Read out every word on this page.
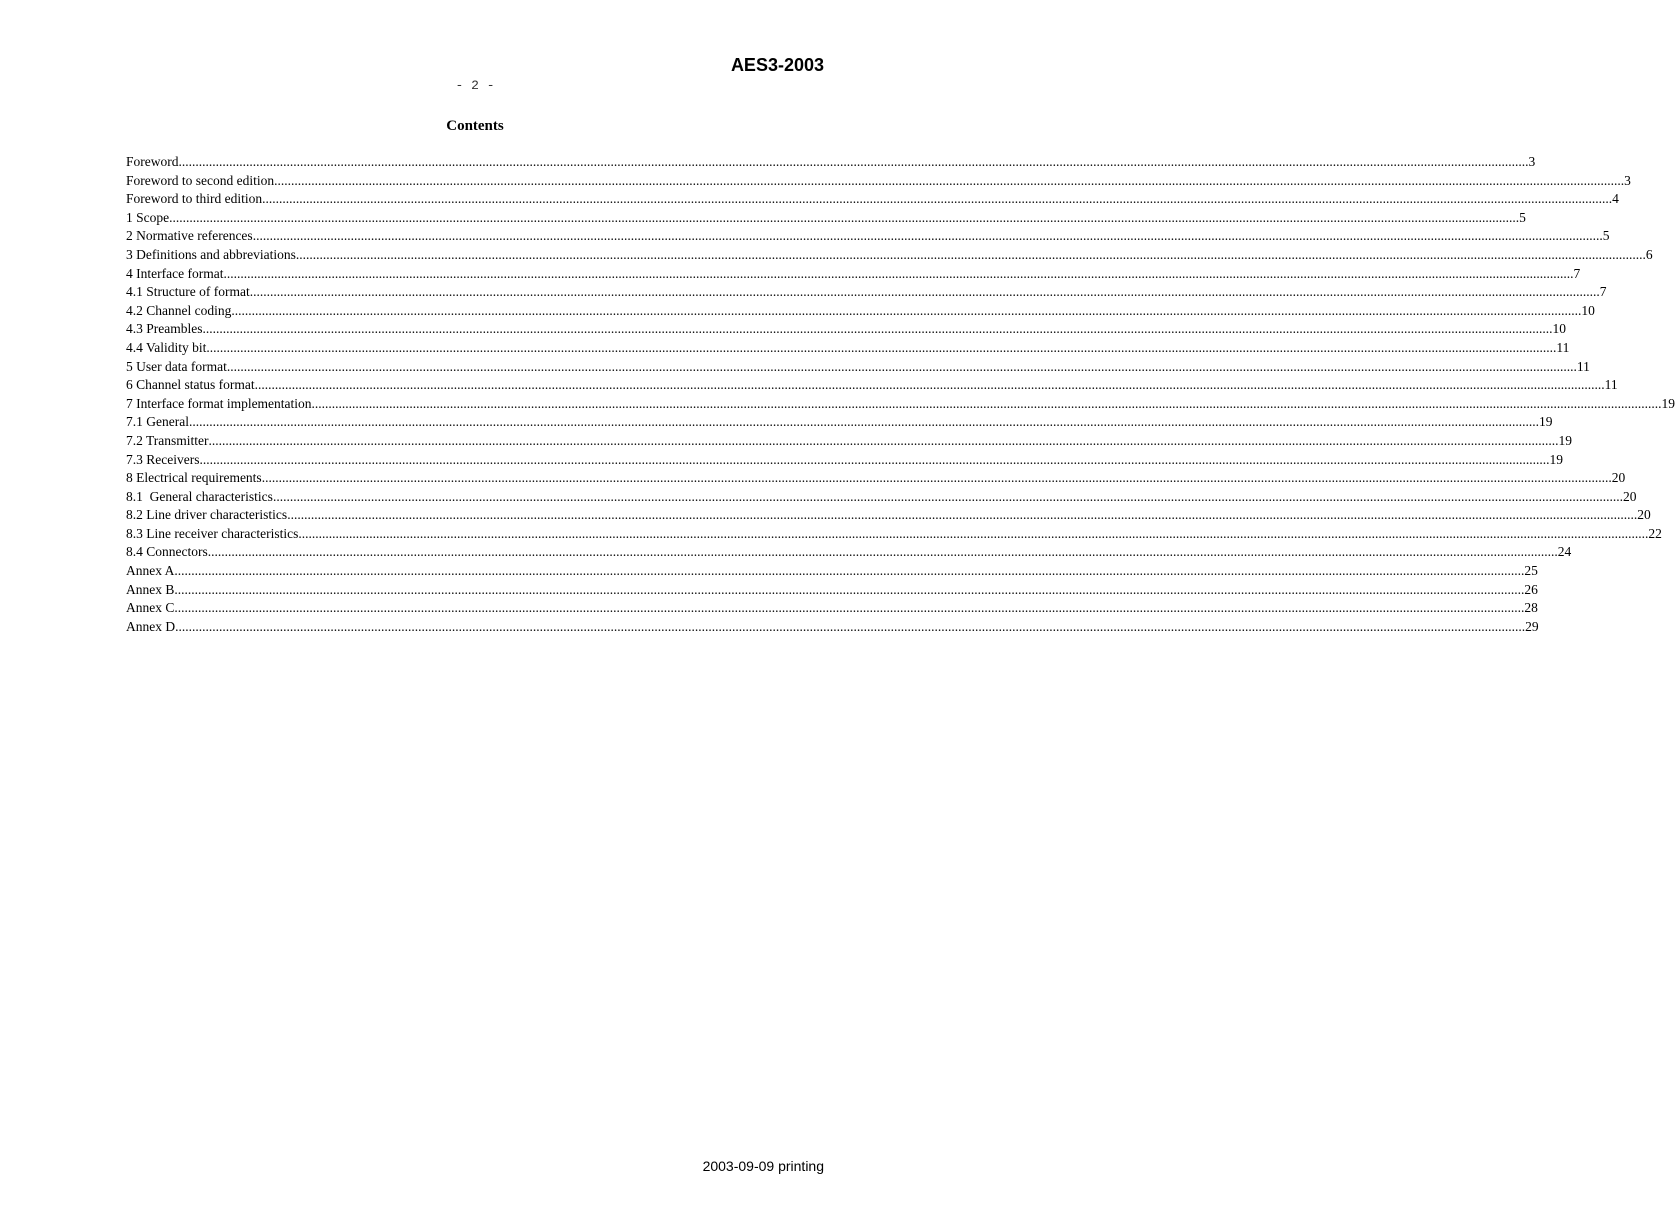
AES3-2003
- 2 -
Contents
Foreword ................................................................................................................................................................................................................................................................................................................................................................................................................ 3
Foreword to second edition ................................................................................................................................................................................................................................................................................................................................................................................................................ 3
Foreword to third edition ................................................................................................................................................................................................................................................................................................................................................................................................................ 4
1 Scope ................................................................................................................................................................................................................................................................................................................................................................................................................ 5
2 Normative references ................................................................................................................................................................................................................................................................................................................................................................................................................ 5
3 Definitions and abbreviations ................................................................................................................................................................................................................................................................................................................................................................................................................ 6
4 Interface format ................................................................................................................................................................................................................................................................................................................................................................................................................ 7
4.1 Structure of format ................................................................................................................................................................................................................................................................................................................................................................................................................ 7
4.2 Channel coding ................................................................................................................................................................................................................................................................................................................................................................................................................ 10
4.3 Preambles ................................................................................................................................................................................................................................................................................................................................................................................................................ 10
4.4 Validity bit ................................................................................................................................................................................................................................................................................................................................................................................................................ 11
5 User data format ................................................................................................................................................................................................................................................................................................................................................................................................................ 11
6 Channel status format ................................................................................................................................................................................................................................................................................................................................................................................................................ 11
7 Interface format implementation ................................................................................................................................................................................................................................................................................................................................................................................................................ 19
7.1 General ................................................................................................................................................................................................................................................................................................................................................................................................................ 19
7.2 Transmitter ................................................................................................................................................................................................................................................................................................................................................................................................................ 19
7.3 Receivers ................................................................................................................................................................................................................................................................................................................................................................................................................ 19
8 Electrical requirements ................................................................................................................................................................................................................................................................................................................................................................................................................ 20
8.1  General characteristics ................................................................................................................................................................................................................................................................................................................................................................................................................ 20
8.2 Line driver characteristics ................................................................................................................................................................................................................................................................................................................................................................................................................ 20
8.3 Line receiver characteristics ................................................................................................................................................................................................................................................................................................................................................................................................................ 22
8.4 Connectors ................................................................................................................................................................................................................................................................................................................................................................................................................ 24
Annex A ................................................................................................................................................................................................................................................................................................................................................................................................................ 25
Annex B ................................................................................................................................................................................................................................................................................................................................................................................................................ 26
Annex C ................................................................................................................................................................................................................................................................................................................................................................................................................ 28
Annex D ................................................................................................................................................................................................................................................................................................................................................................................................................ 29
2003-09-09 printing
